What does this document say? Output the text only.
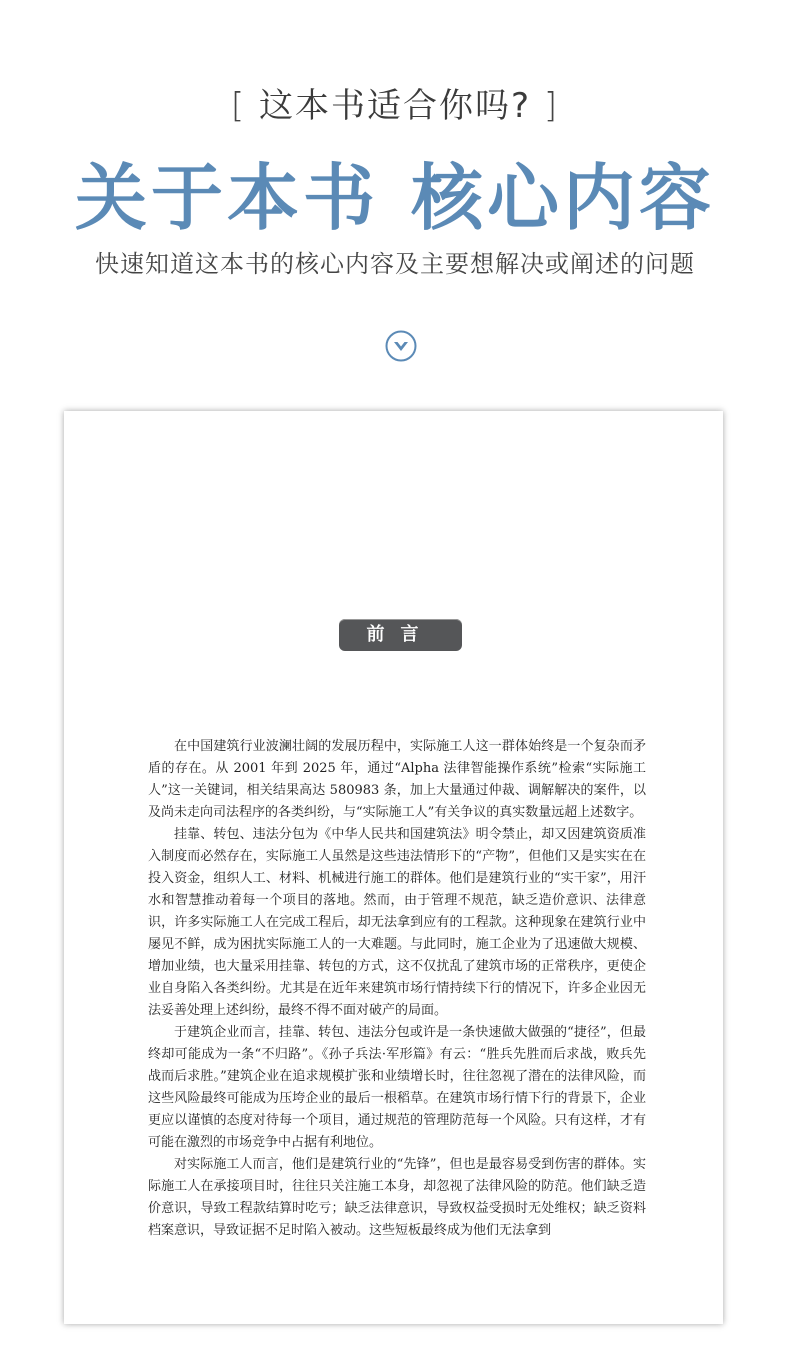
[ 这本书适合你吗? ]
关于本书 核心内容
快速知道这本书的核心内容及主要想解决或阐述的问题
前言

在中国建筑行业波澜壮阔的发展历程中，实际施工人这一群体始终是一个复杂而矛盾的存在。从 2001 年到 2025 年，通过“Alpha 法律智能操作系统”检索“实际施工人”这一关键词，相关结果高达 580983 条，加上大量通过仲裁、调解解决的案件，以及尚未走向司法程序的各类纠纷，与“实际施工人”有关争议的真实数量远超上述数字。

挂靠、转包、违法分包为《中华人民共和国建筑法》明令禁止，却又因建筑资质准入制度而必然存在，实际施工人虽然是这些违法情形下的“产物”，但他们又是实实在在投入资金，组织人工、材料、机械进行施工的群体。他们是建筑行业的“实干家”，用汗水和智慧推动着每一个项目的落地。然而，由于管理不规范，缺乏造价意识、法律意识，许多实际施工人在完成工程后，却无法拿到应有的工程款。这种现象在建筑行业中屡见不鲜，成为困扰实际施工人的一大难题。与此同时，施工企业为了迅速做大规模、增加业绩，也大量采用挂靠、转包的方式，这不仅扰乱了建筑市场的正常秩序，更使企业自身陷入各类纠纷。尤其是在近年来建筑市场行情持续下行的情况下，许多企业因无法妥善处理上述纠纷，最终不得不面对破产的局面。

于建筑企业而言，挂靠、转包、违法分包或许是一条快速做大做强的“捷径”，但最终却可能成为一条“不归路”。《孙子兵法·军形篇》有云：“胜兵先胜而后求战，败兵先战而后求胜。”建筑企业在追求规模扩张和业绩增长时，往往忽视了潜在的法律风险，而这些风险最终可能成为压垮企业的最后一根稻草。在建筑市场行情下行的背景下，企业更应以谨慎的态度对待每一个项目，通过规范的管理防范每一个风险。只有这样，才有可能在激烈的市场竞争中占据有利地位。

对实际施工人而言，他们是建筑行业的“先锋”，但也是最容易受到伤害的群体。实际施工人在承接项目时，往往只关注施工本身，却忽视了法律风险的防范。他们缺乏造价意识，导致工程款结算时吃亏；缺乏法律意识，导致权益受损时无处维权；缺乏资料档案意识，导致证据不足时陷入被动。这些短板最终成为他们无法拿到
